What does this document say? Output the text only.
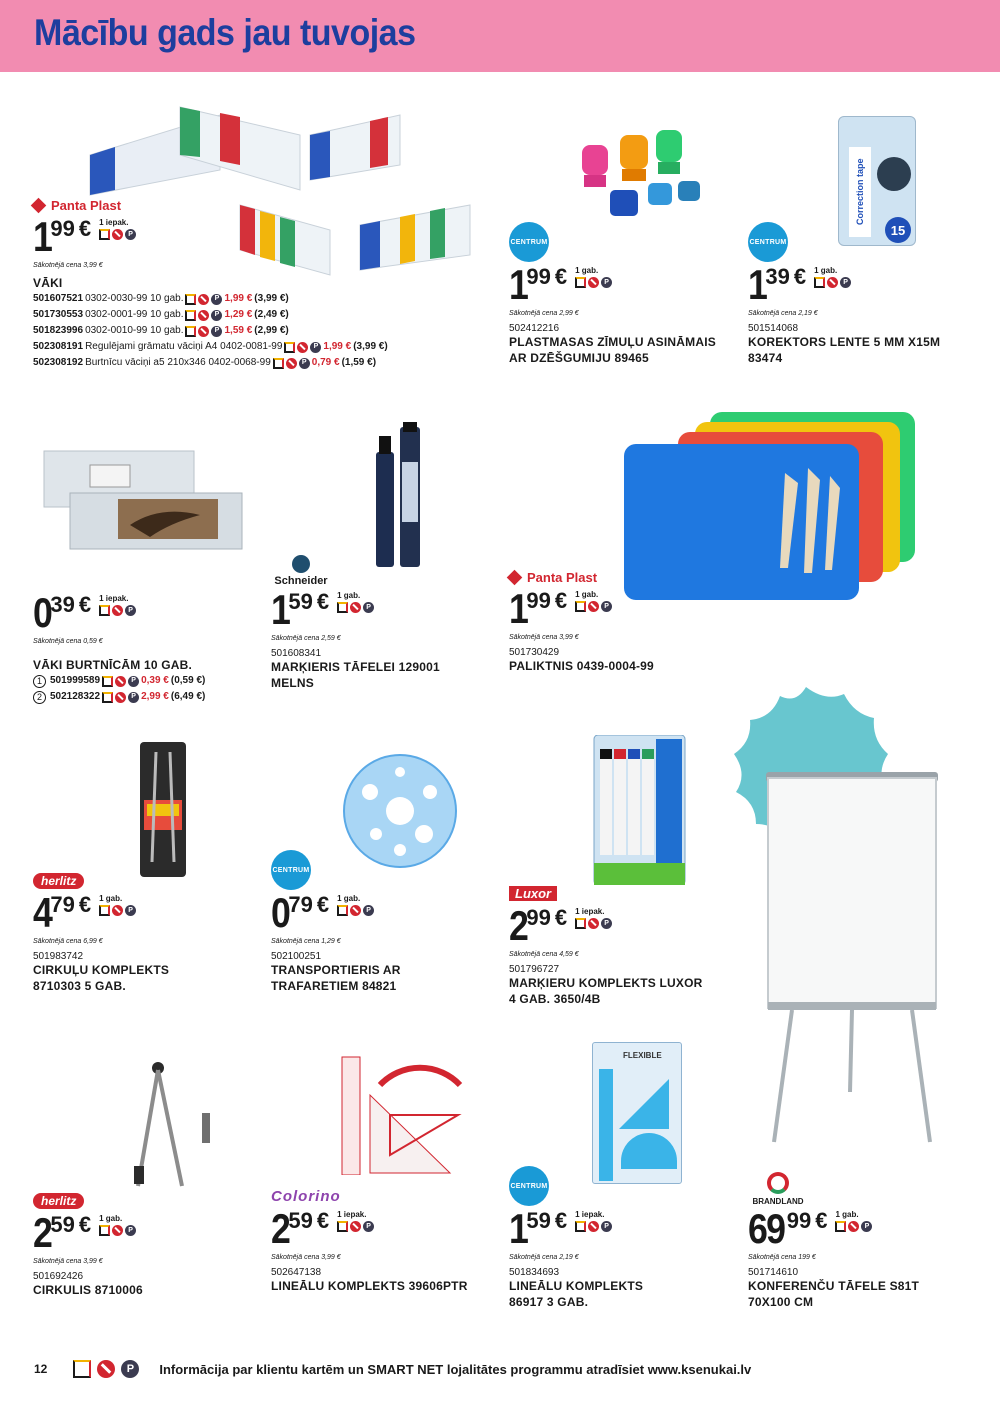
Mācību gads jau tuvojas
Panta Plast
1 99 € 1 iepak.
P
Sākotnējā cena 3,99 €
VĀKI
501607521 0302-0030-99 10 gab.	P 1,99 € (3,99 €)
501730553 0302-0001-99 10 gab.	P 1,29 € (2,49 €)
501823996 0302-0010-99 10 gab.	P 1,59 € (2,99 €)
502308191 Regulējami grāmatu vāciņi A4 0402-0081-99	P 1,99 € (3,99 €)
502308192 Burtnīcu vāciņi a5 210x346 0402-0068-99	P 0,79 € (1,59 €)
CENTRUM
1 99 € 1 gab.
P
Sākotnējā cena 2,99 €
502412216
PLASTMASAS ZĪMUĻU ASINĀMAIS
AR DZĒŠGUMIJU 89465
Correction tape
15
CENTRUM
1 39 € 1 gab.
P
Sākotnējā cena 2,19 €
501514068
KOREKTORS LENTE 5 MM X15M
83474
0 39 € 1 iepak.
P
Sākotnējā cena 0,59 €
VĀKI BURTNĪCĀM 10 GAB.
1 501999589	P 0,39 € (0,59 €)
2 502128322	P 2,99 € (6,49 €)
Schneider
1 59 € 1 gab.
P
Sākotnējā cena 2,59 €
501608341
MARĶIERIS TĀFELEI 129001
MELNS
Panta Plast
1 99 € 1 gab.
P
Sākotnējā cena 3,99 €
501730429
PALIKTNIS 0439-0004-99
herlitz
4 79 € 1 gab.
P
Sākotnējā cena 6,99 €
501983742
CIRKUĻU KOMPLEKTS
8710303 5 GAB.
CENTRUM
0 79 € 1 gab.
P
Sākotnējā cena 1,29 €
502100251
TRANSPORTIERIS AR
TRAFARETIEM 84821
Luxor
2 99 € 1 iepak.
P
Sākotnējā cena 4,59 €
501796727
MARĶIERU KOMPLEKTS LUXOR
4 GAB. 3650/4B
herlitz
2 59 € 1 gab.
P
Sākotnējā cena 3,99 €
501692426
CIRKULIS 8710006
Colorino
2 59 € 1 iepak.
P
Sākotnējā cena 3,99 €
502647138
LINEĀLU KOMPLEKTS 39606PTR
FLEXIBLE
CENTRUM
1 59 € 1 iepak.
P
Sākotnējā cena 2,19 €
501834693
LINEĀLU KOMPLEKTS
86917 3 GAB.
BRANDLAND
69 99 € 1 gab.
P
Sākotnējā cena 199 €
501714610
KONFERENČU TĀFELE S81T
70X100 CM
12	P	Informācija par klientu kartēm un SMART NET lojalitātes programmu atradīsiet www.ksenukai.lv
